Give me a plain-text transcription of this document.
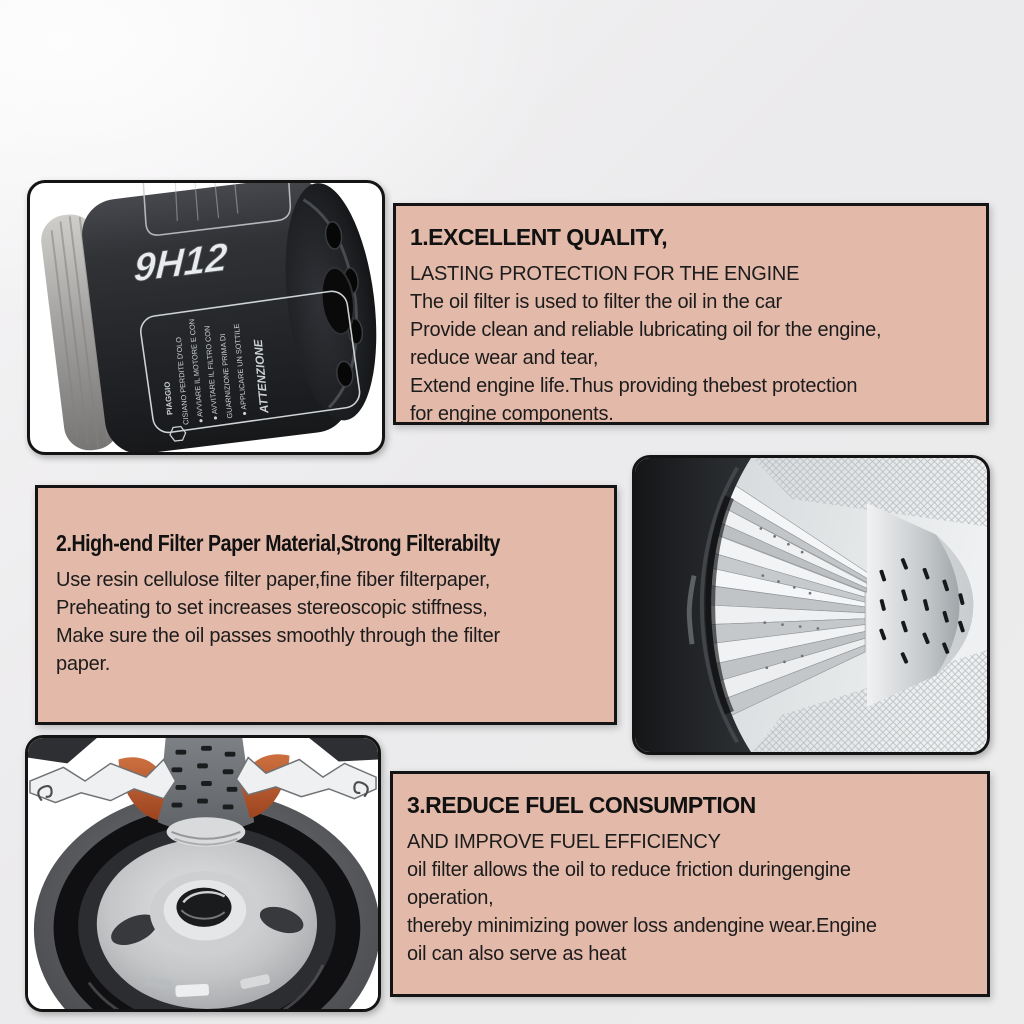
9H12
ATTENZIONE
● APPLICARE UN SOTTILE
GUARNIZIONE PRIMA DI
● AVVITARE IL FILTRO CON
● AVVIARE IL MOTORE E CON
CISIANO PERDITE D'OLO
PIAGGIO
1.EXCELLENT QUALITY,
LASTING PROTECTION FOR THE ENGINE
The oil filter is used to filter the oil in the car
Provide clean and reliable lubricating oil for the engine,
reduce wear and tear,
Extend engine life.Thus providing thebest protection
for engine components.
2.High-end Filter Paper Material,Strong Filterabilty
Use resin cellulose filter paper,fine fiber filterpaper,
Preheating to set increases stereoscopic stiffness,
Make sure the oil passes smoothly through the filter
paper.
3.REDUCE FUEL CONSUMPTION
AND IMPROVE FUEL EFFICIENCY
oil filter allows the oil to reduce friction duringengine
operation,
thereby minimizing power loss andengine wear.Engine
oil can also serve as heat
